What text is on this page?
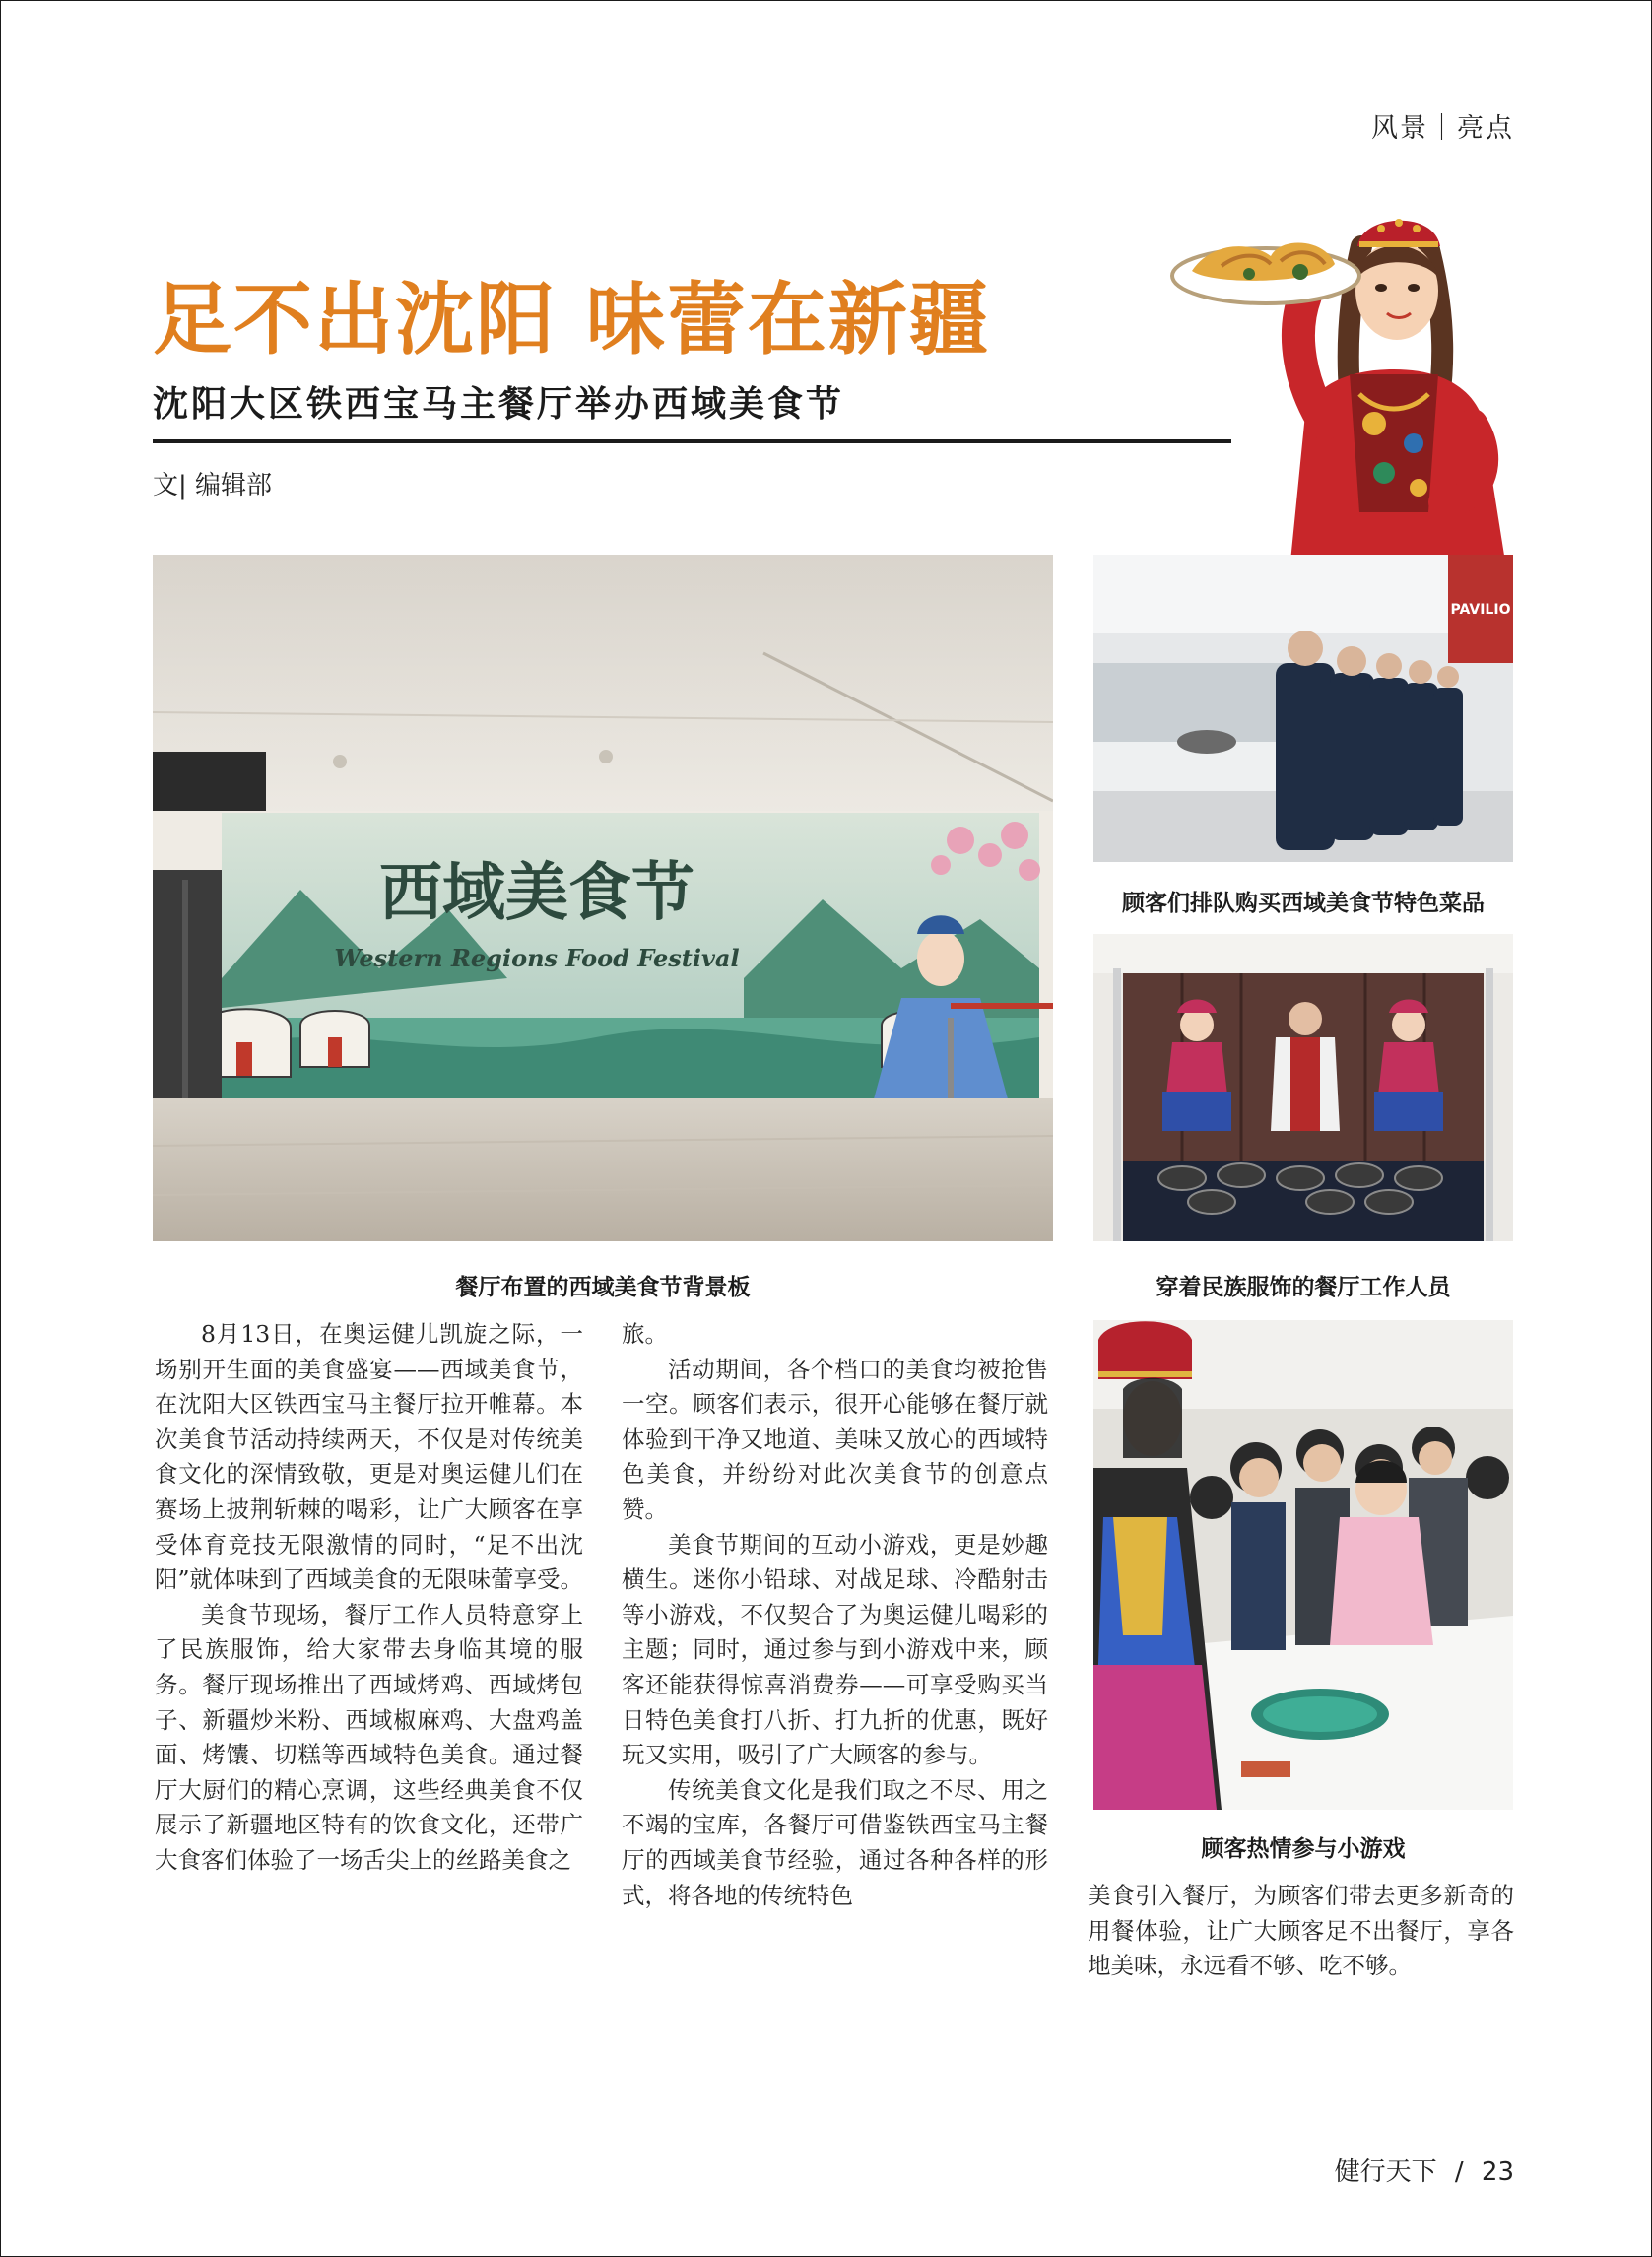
风景｜亮点
足不出沈阳 味蕾在新疆
沈阳大区铁西宝马主餐厅举办西域美食节
文| 编辑部
西域美食节
Western Regions Food Festival
餐厅布置的西域美食节背景板
PAVILIO
顾客们排队购买西域美食节特色菜品
穿着民族服饰的餐厅工作人员
顾客热情参与小游戏

8月13日，在奥运健儿凯旋之际，一场别开生面的美食盛宴——西域美食节，在沈阳大区铁西宝马主餐厅拉开帷幕。本次美食节活动持续两天，不仅是对传统美食文化的深情致敬，更是对奥运健儿们在赛场上披荆斩棘的喝彩，让广大顾客在享受体育竞技无限激情的同时，“足不出沈阳”就体味到了西域美食的无限味蕾享受。

美食节现场，餐厅工作人员特意穿上了民族服饰，给大家带去身临其境的服务。餐厅现场推出了西域烤鸡、西域烤包子、新疆炒米粉、西域椒麻鸡、大盘鸡盖面、烤馕、切糕等西域特色美食。通过餐厅大厨们的精心烹调，这些经典美食不仅展示了新疆地区特有的饮食文化，还带广大食客们体验了一场舌尖上的丝路美食之

旅。

活动期间，各个档口的美食均被抢售一空。顾客们表示，很开心能够在餐厅就体验到干净又地道、美味又放心的西域特色美食，并纷纷对此次美食节的创意点赞。

美食节期间的互动小游戏，更是妙趣横生。迷你小铅球、对战足球、冷酷射击等小游戏，不仅契合了为奥运健儿喝彩的主题；同时，通过参与到小游戏中来，顾客还能获得惊喜消费券——可享受购买当日特色美食打八折、打九折的优惠，既好玩又实用，吸引了广大顾客的参与。

传统美食文化是我们取之不尽、用之不竭的宝库，各餐厅可借鉴铁西宝马主餐厅的西域美食节经验，通过各种各样的形式，将各地的传统特色	美食引入餐厅，为顾客们带去更多新奇的用餐体验，让广大顾客足不出餐厅，享各地美味，永远看不够、吃不够。

健行天下 / 23
